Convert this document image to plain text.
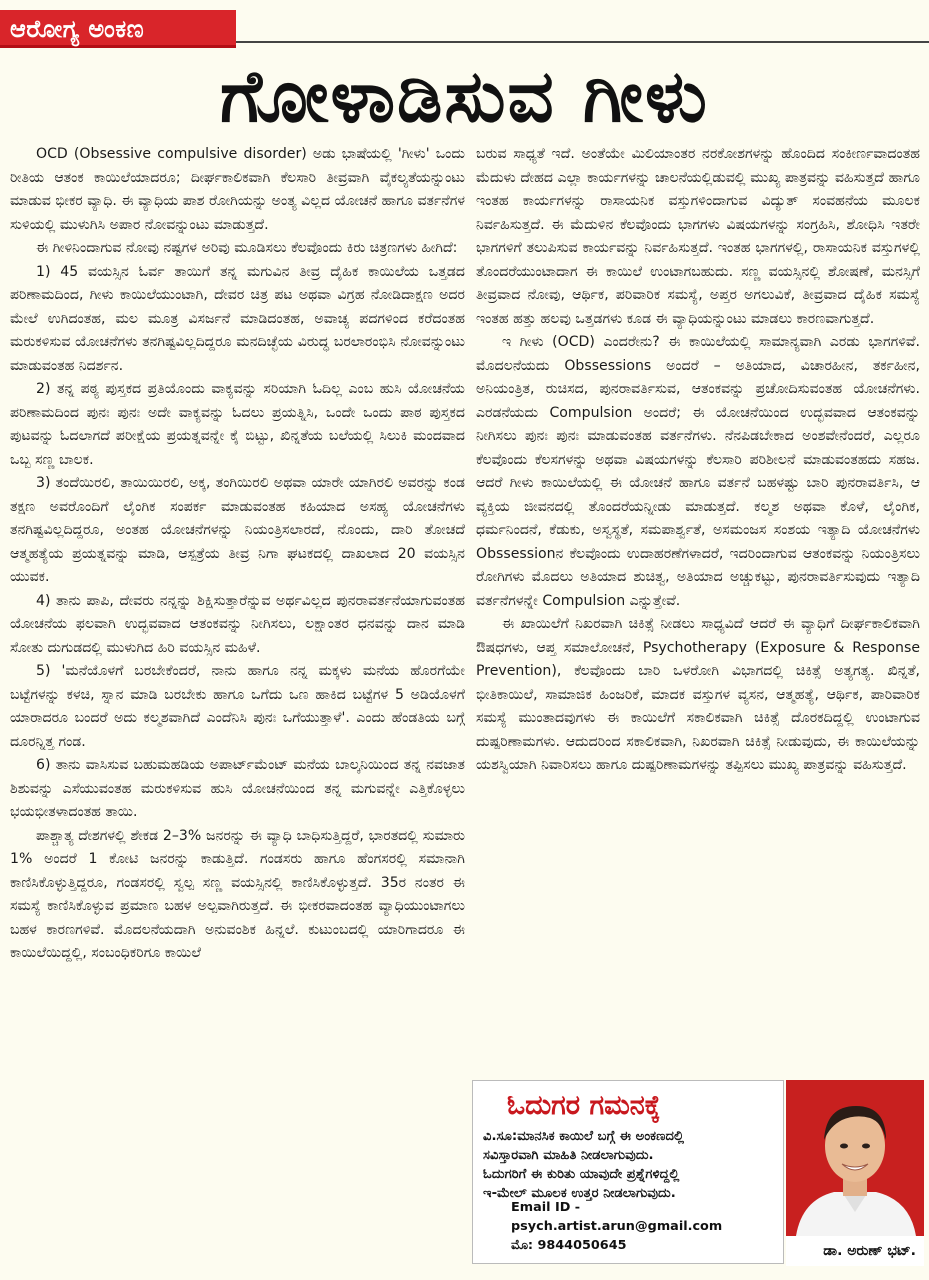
ಆರೋಗ್ಯ ಅಂಕಣ
ಗೋಳಾಡಿಸುವ ಗೀಳು

OCD (Obsessive compulsive disorder) ಅಡು ಭಾಷೆಯಲ್ಲಿ 'ಗೀಳು' ಒಂದು ರೀತಿಯ ಆತಂಕ ಕಾಯಿಲೆಯಾದರೂ; ದೀರ್ಘಕಾಲಿಕವಾಗಿ ಕೆಲಸಾರಿ ತೀವ್ರವಾಗಿ ವೈಕಲ್ಯತೆಯನ್ನುಂಟು ಮಾಡುವ ಭೀಕರ ವ್ಯಾಧಿ. ಈ ವ್ಯಾಧಿಯ ಪಾಶ ರೋಗಿಯನ್ನು ಅಂತ್ಯ ವಿಲ್ಲದ ಯೋಚನೆ ಹಾಗೂ ವರ್ತನೆಗಳ ಸುಳಿಯಲ್ಲಿ ಮುಳುಗಿಸಿ ಅಪಾರ ನೋವನ್ನುಂಟು ಮಾಡುತ್ತದೆ.

ಈ ಗೀಳಿನಿಂದಾಗುವ ನೋವು ನಷ್ಟಗಳ ಅರಿವು ಮೂಡಿಸಲು ಕೆಲವೊಂದು ಕಿರು ಚಿತ್ರಣಗಳು ಹೀಗಿದೆ:

1) 45 ವಯಸ್ಸಿನ ಓರ್ವ ತಾಯಿಗೆ ತನ್ನ ಮಗುವಿನ ತೀವ್ರ ದೈಹಿಕ ಕಾಯಿಲೆಯ ಒತ್ತಡದ ಪರಿಣಾಮದಿಂದ, ಗೀಳು ಕಾಯಿಲೆಯುಂಟಾಗಿ, ದೇವರ ಚಿತ್ರ ಪಟ ಅಥವಾ ವಿಗ್ರಹ ನೋಡಿದಾಕ್ಷಣ ಅದರ ಮೇಲೆ ಉಗಿದಂತಹ, ಮಲ ಮೂತ್ರ ವಿಸರ್ಜನೆ ಮಾಡಿದಂತಹ, ಅವಾಚ್ಯ ಪದಗಳಿಂದ ಕರೆದಂತಹ ಮರುಕಳಿಸುವ ಯೋಚನೆಗಳು ತನಗಿಷ್ಟವಿಲ್ಲದಿದ್ದರೂ ಮನದಿಚ್ಛೆಯ ವಿರುದ್ಧ ಬರಲಾರಂಭಿಸಿ ನೋವನ್ನುಂಟು ಮಾಡುವಂತಹ ನಿದರ್ಶನ.

2) ತನ್ನ ಪಠ್ಯ ಪುಸ್ತಕದ ಪ್ರತಿಯೊಂದು ವಾಕ್ಯವನ್ನು ಸರಿಯಾಗಿ ಓದಿಲ್ಲ ಎಂಬ ಹುಸಿ ಯೋಚನೆಯ ಪರಿಣಾಮದಿಂದ ಪುನಃ ಪುನಃ ಅದೇ ವಾಕ್ಯವನ್ನು ಓದಲು ಪ್ರಯತ್ನಿಸಿ, ಒಂದೇ ಒಂದು ಪಾಠ ಪುಸ್ತಕದ ಪುಟವನ್ನು ಓದಲಾಗದೆ ಪರೀಕ್ಷೆಯ ಪ್ರಯತ್ನವನ್ನೇ ಕೈ ಬಿಟ್ಟು, ಖಿನ್ನತೆಯ ಬಲೆಯಲ್ಲಿ ಸಿಲುಕಿ ಮಂದವಾದ ಒಬ್ಬ ಸಣ್ಣ ಬಾಲಕ.

3) ತಂದೆಯಿರಲಿ, ತಾಯಿಯಿರಲಿ, ಅಕ್ಕ, ತಂಗಿಯಿರಲಿ ಅಥವಾ ಯಾರೇ ಯಾಗಿರಲಿ ಅವರನ್ನು ಕಂಡ ತಕ್ಷಣ ಅವರೊಂದಿಗೆ ಲೈಂಗಿಕ ಸಂಪರ್ಕ ಮಾಡುವಂತಹ ಕಹಿಯಾದ ಅಸಹ್ಯ ಯೋಚನೆಗಳು ತನಗಿಷ್ಟವಿಲ್ಲದಿದ್ದರೂ, ಅಂತಹ ಯೋಚನೆಗಳನ್ನು ನಿಯಂತ್ರಿಸಲಾರದೆ, ನೊಂದು, ದಾರಿ ತೋಚದೆ ಆತ್ಮಹತ್ಯೆಯ ಪ್ರಯತ್ನವನ್ನು ಮಾಡಿ, ಆಸ್ಪತ್ರೆಯ ತೀವ್ರ ನಿಗಾ ಘಟಕದಲ್ಲಿ ದಾಖಲಾದ 20 ವಯಸ್ಸಿನ ಯುವಕ.

4) ತಾನು ಪಾಪಿ, ದೇವರು ನನ್ನನ್ನು ಶಿಕ್ಷಿಸುತ್ತಾರೆನ್ನುವ ಅರ್ಥವಿಲ್ಲದ ಪುನರಾವರ್ತನೆಯಾಗುವಂತಹ ಯೋಚನೆಯ ಫಲವಾಗಿ ಉದ್ಭವವಾದ ಆತಂಕವನ್ನು ನೀಗಿಸಲು, ಲಕ್ಷಾಂತರ ಧನವನ್ನು ದಾನ ಮಾಡಿ ಸೋತು ದುಗುಡದಲ್ಲಿ ಮುಳುಗಿದ ಹಿರಿ ವಯಸ್ಸಿನ ಮಹಿಳೆ.

5) 'ಮನೆಯೊಳಗೆ ಬರಬೇಕೆಂದರೆ, ನಾನು ಹಾಗೂ ನನ್ನ ಮಕ್ಕಳು ಮನೆಯ ಹೊರಗೆಯೇ ಬಟ್ಟೆಗಳನ್ನು ಕಳಚಿ, ಸ್ನಾನ ಮಾಡಿ ಬರಬೇಕು ಹಾಗೂ ಒಗೆದು ಒಣ ಹಾಕಿದ ಬಟ್ಟೆಗಳ 5 ಅಡಿಯೊಳಗೆ ಯಾರಾದರೂ ಬಂದರೆ ಅದು ಕಲ್ಮಶವಾಗಿದೆ ಎಂದೆನಿಸಿ ಪುನಃ ಒಗೆಯುತ್ತಾಳೆ'. ಎಂದು ಹೆಂಡತಿಯ ಬಗ್ಗೆ ದೂರನ್ನಿತ್ತ ಗಂಡ.

6) ತಾನು ವಾಸಿಸುವ ಬಹುಮಹಡಿಯ ಅಪಾರ್ಟ್‌ಮೆಂಟ್ ಮನೆಯ ಬಾಲ್ಕನಿಯಿಂದ ತನ್ನ ನವಜಾತ ಶಿಶುವನ್ನು ಎಸೆಯುವಂತಹ ಮರುಕಳಿಸುವ ಹುಸಿ ಯೋಚನೆಯಿಂದ ತನ್ನ ಮಗುವನ್ನೇ ಎತ್ತಿಕೊಳ್ಳಲು ಭಯಭೀತಳಾದಂತಹ ತಾಯಿ.

ಪಾಶ್ಚಾತ್ಯ ದೇಶಗಳಲ್ಲಿ ಶೇಕಡ 2–3% ಜನರನ್ನು ಈ ವ್ಯಾಧಿ ಬಾಧಿಸುತ್ತಿದ್ದರೆ, ಭಾರತದಲ್ಲಿ ಸುಮಾರು 1% ಅಂದರೆ 1 ಕೋಟಿ ಜನರನ್ನು ಕಾಡುತ್ತಿದೆ. ಗಂಡಸರು ಹಾಗೂ ಹೆಂಗಸರಲ್ಲಿ ಸಮಾನಾಗಿ ಕಾಣಿಸಿಕೊಳ್ಳುತ್ತಿದ್ದರೂ, ಗಂಡಸರಲ್ಲಿ ಸ್ವಲ್ಪ ಸಣ್ಣ ವಯಸ್ಸಿನಲ್ಲಿ ಕಾಣಿಸಿಕೊಳ್ಳುತ್ತದೆ. 35ರ ನಂತರ ಈ ಸಮಸ್ಯೆ ಕಾಣಿಸಿಕೊಳ್ಳುವ ಪ್ರಮಾಣ ಬಹಳ ಅಲ್ಪವಾಗಿರುತ್ತದೆ. ಈ ಭೀಕರವಾದಂತಹ ವ್ಯಾಧಿಯುಂಟಾಗಲು ಬಹಳ ಕಾರಣಗಳಿವೆ. ಮೊದಲನೆಯದಾಗಿ ಅನುವಂಶಿಕ ಹಿನ್ನಲೆ. ಕುಟುಂಬದಲ್ಲಿ ಯಾರಿಗಾದರೂ ಈ ಕಾಯಿಲೆಯಿದ್ದಲ್ಲಿ, ಸಂಬಂಧಿಕರಿಗೂ ಕಾಯಿಲೆ

ಬರುವ ಸಾಧ್ಯತೆ ಇದೆ. ಅಂತೆಯೇ ಮಿಲಿಯಾಂತರ ನರಕೋಶಗಳನ್ನು ಹೊಂದಿದ ಸಂಕೀರ್ಣವಾದಂತಹ ಮೆದುಳು ದೇಹದ ಎಲ್ಲಾ ಕಾರ್ಯಗಳನ್ನು ಚಾಲನೆಯಲ್ಲಿಡುವಲ್ಲಿ ಮುಖ್ಯ ಪಾತ್ರವನ್ನು ವಹಿಸುತ್ತದೆ ಹಾಗೂ ಇಂತಹ ಕಾರ್ಯಗಳನ್ನು ರಾಸಾಯನಿಕ ವಸ್ತುಗಳಿಂದಾಗುವ ವಿದ್ಯುತ್ ಸಂವಹನೆಯ ಮೂಲಕ ನಿರ್ವಹಿಸುತ್ತದೆ. ಈ ಮೆದುಳಿನ ಕೆಲವೊಂದು ಭಾಗಗಳು ವಿಷಯಗಳನ್ನು ಸಂಗ್ರಹಿಸಿ, ಶೋಧಿಸಿ ಇತರೇ ಭಾಗಗಳಿಗೆ ತಲುಪಿಸುವ ಕಾರ್ಯವನ್ನು ನಿರ್ವಹಿಸುತ್ತದೆ. ಇಂತಹ ಭಾಗಗಳಲ್ಲಿ, ರಾಸಾಯನಿಕ ವಸ್ತುಗಳಲ್ಲಿ ತೊಂದರೆಯುಂಟಾದಾಗ ಈ ಕಾಯಿಲೆ ಉಂಟಾಗಬಹುದು. ಸಣ್ಣ ವಯಸ್ಸಿನಲ್ಲಿ ಶೋಷಣೆ, ಮನಸ್ಸಿಗೆ ತೀವ್ರವಾದ ನೋವು, ಆರ್ಥಿಕ, ಪರಿವಾರಿಕ ಸಮಸ್ಯೆ, ಅಪ್ತರ ಅಗಲುವಿಕೆ, ತೀವ್ರವಾದ ದೈಹಿಕ ಸಮಸ್ಯೆ ಇಂತಹ ಹತ್ತು ಹಲವು ಒತ್ತಡಗಳು ಕೂಡ ಈ ವ್ಯಾಧಿಯನ್ನುಂಟು ಮಾಡಲು ಕಾರಣವಾಗುತ್ತದೆ.

ಇ ಗೀಳು (OCD) ಎಂದರೇನು? ಈ ಕಾಯಿಲೆಯಲ್ಲಿ ಸಾಮಾನ್ಯವಾಗಿ ಎರಡು ಭಾಗಗಳಿವೆ. ಮೊದಲನೆಯದು Obssessions ಅಂದರೆ – ಅತಿಯಾದ, ವಿಚಾರಹೀನ, ತರ್ಕಹೀನ, ಅನಿಯಂತ್ರಿತ, ರುಚಿಸದ, ಪುನರಾವರ್ತಿಸುವ, ಆತಂಕವನ್ನು ಪ್ರಚೋದಿಸುವಂತಹ ಯೋಚನೆಗಳು. ಎರಡನೆಯದು Compulsion ಅಂದರೆ; ಈ ಯೋಚನೆಯಿಂದ ಉದ್ಭವವಾದ ಆತಂಕವನ್ನು ನೀಗಿಸಲು ಪುನಃ ಪುನಃ ಮಾಡುವಂತಹ ವರ್ತನೆಗಳು. ನೆನಪಿಡಬೇಕಾದ ಅಂಶವೇನೆಂದರೆ, ಎಲ್ಲರೂ ಕೆಲವೊಂದು ಕೆಲಸಗಳನ್ನು ಅಥವಾ ವಿಷಯಗಳನ್ನು ಕೆಲಸಾರಿ ಪರಿಶೀಲನೆ ಮಾಡುವಂತಹದು ಸಹಜ. ಆದರೆ ಗೀಳು ಕಾಯಿಲೆಯಲ್ಲಿ ಈ ಯೋಚನೆ ಹಾಗೂ ವರ್ತನೆ ಬಹಳಷ್ಟು ಬಾರಿ ಪುನರಾವರ್ತಿಸಿ, ಆ ವ್ಯಕ್ತಿಯ ಜೀವನದಲ್ಲಿ ತೊಂದರೆಯನ್ನೀಡು ಮಾಡುತ್ತದೆ. ಕಲ್ಮಶ ಅಥವಾ ಕೊಳೆ, ಲೈಂಗಿಕ, ಧರ್ಮನಿಂದನೆ, ಕೆಡುಕು, ಅಸ್ವಸ್ಥತೆ, ಸಮಪಾರ್ಶ್ವತೆ, ಅಸಮಂಜಸ ಸಂಶಯ ಇತ್ಯಾದಿ ಯೋಚನೆಗಳು Obssessionನ ಕೆಲವೊಂದು ಉದಾಹರಣೆಗಳಾದರೆ, ಇದರಿಂದಾಗುವ ಆತಂಕವನ್ನು ನಿಯಂತ್ರಿಸಲು ರೋಗಿಗಳು ಮೊದಲು ಅತಿಯಾದ ಶುಚಿತ್ವ, ಅತಿಯಾದ ಅಚ್ಚುಕಟ್ಟು, ಪುನರಾವರ್ತಿಸುವುದು ಇತ್ಯಾದಿ ವರ್ತನೆಗಳನ್ನೇ Compulsion ಎನ್ನುತ್ತೇವೆ.

ಈ ಖಾಯಿಲೆಗೆ ನಿಖರವಾಗಿ ಚಿಕಿತ್ಸೆ ನೀಡಲು ಸಾಧ್ಯವಿದೆ ಆದರೆ ಈ ವ್ಯಾಧಿಗೆ ದೀರ್ಘಕಾಲಿಕವಾಗಿ ಔಷಧಗಳು, ಆಪ್ತ ಸಮಾಲೋಚನೆ, Psychotherapy (Exposure & Response Prevention), ಕೆಲವೊಂದು ಬಾರಿ ಒಳರೋಗಿ ವಿಭಾಗದಲ್ಲಿ ಚಿಕಿತ್ಸೆ ಅತ್ಯಗತ್ಯ. ಖಿನ್ನತೆ, ಭೀತಿಕಾಯಿಲೆ, ಸಾಮಾಜಿಕ ಹಿಂಜರಿಕೆ, ಮಾದಕ ವಸ್ತುಗಳ ವ್ಯಸನ, ಆತ್ಮಹತ್ಯೆ, ಆರ್ಥಿಕ, ಪಾರಿವಾರಿಕ ಸಮಸ್ಯೆ ಮುಂತಾದವುಗಳು ಈ ಕಾಯಿಲೆಗೆ ಸಕಾಲಿಕವಾಗಿ ಚಿಕಿತ್ಸೆ ದೊರಕದಿದ್ದಲ್ಲಿ ಉಂಟಾಗುವ ದುಷ್ಪರಿಣಾಮಗಳು. ಆದುದರಿಂದ ಸಕಾಲಿಕವಾಗಿ, ನಿಖರವಾಗಿ ಚಿಕಿತ್ಸೆ ನೀಡುವುದು, ಈ ಕಾಯಿಲೆಯನ್ನು ಯಶಸ್ವಿಯಾಗಿ ನಿವಾರಿಸಲು ಹಾಗೂ ದುಷ್ಪರಿಣಾಮಗಳನ್ನು ತಪ್ಪಿಸಲು ಮುಖ್ಯ ಪಾತ್ರವನ್ನು ವಹಿಸುತ್ತದೆ.

ಓದುಗರ ಗಮನಕ್ಕೆ
ವಿ.ಸೂ:ಮಾನಸಿಕ ಕಾಯಿಲೆ ಬಗ್ಗೆ ಈ ಅಂಕಣದಲ್ಲಿ
ಸವಿಸ್ತಾರವಾಗಿ ಮಾಹಿತಿ ನೀಡಲಾಗುವುದು.
ಓದುಗರಿಗೆ ಈ ಕುರಿತು ಯಾವುದೇ ಪ್ರಶ್ನೆಗಳಿದ್ದಲ್ಲಿ
ಇ-ಮೇಲ್ ಮೂಲಕ ಉತ್ತರ ನೀಡಲಾಗುವುದು.
Email ID - psych.artist.arun@gmail.com
ಮೊ: 9844050645	ಡಾ. ಅರುಣ್ ಭಟ್.
